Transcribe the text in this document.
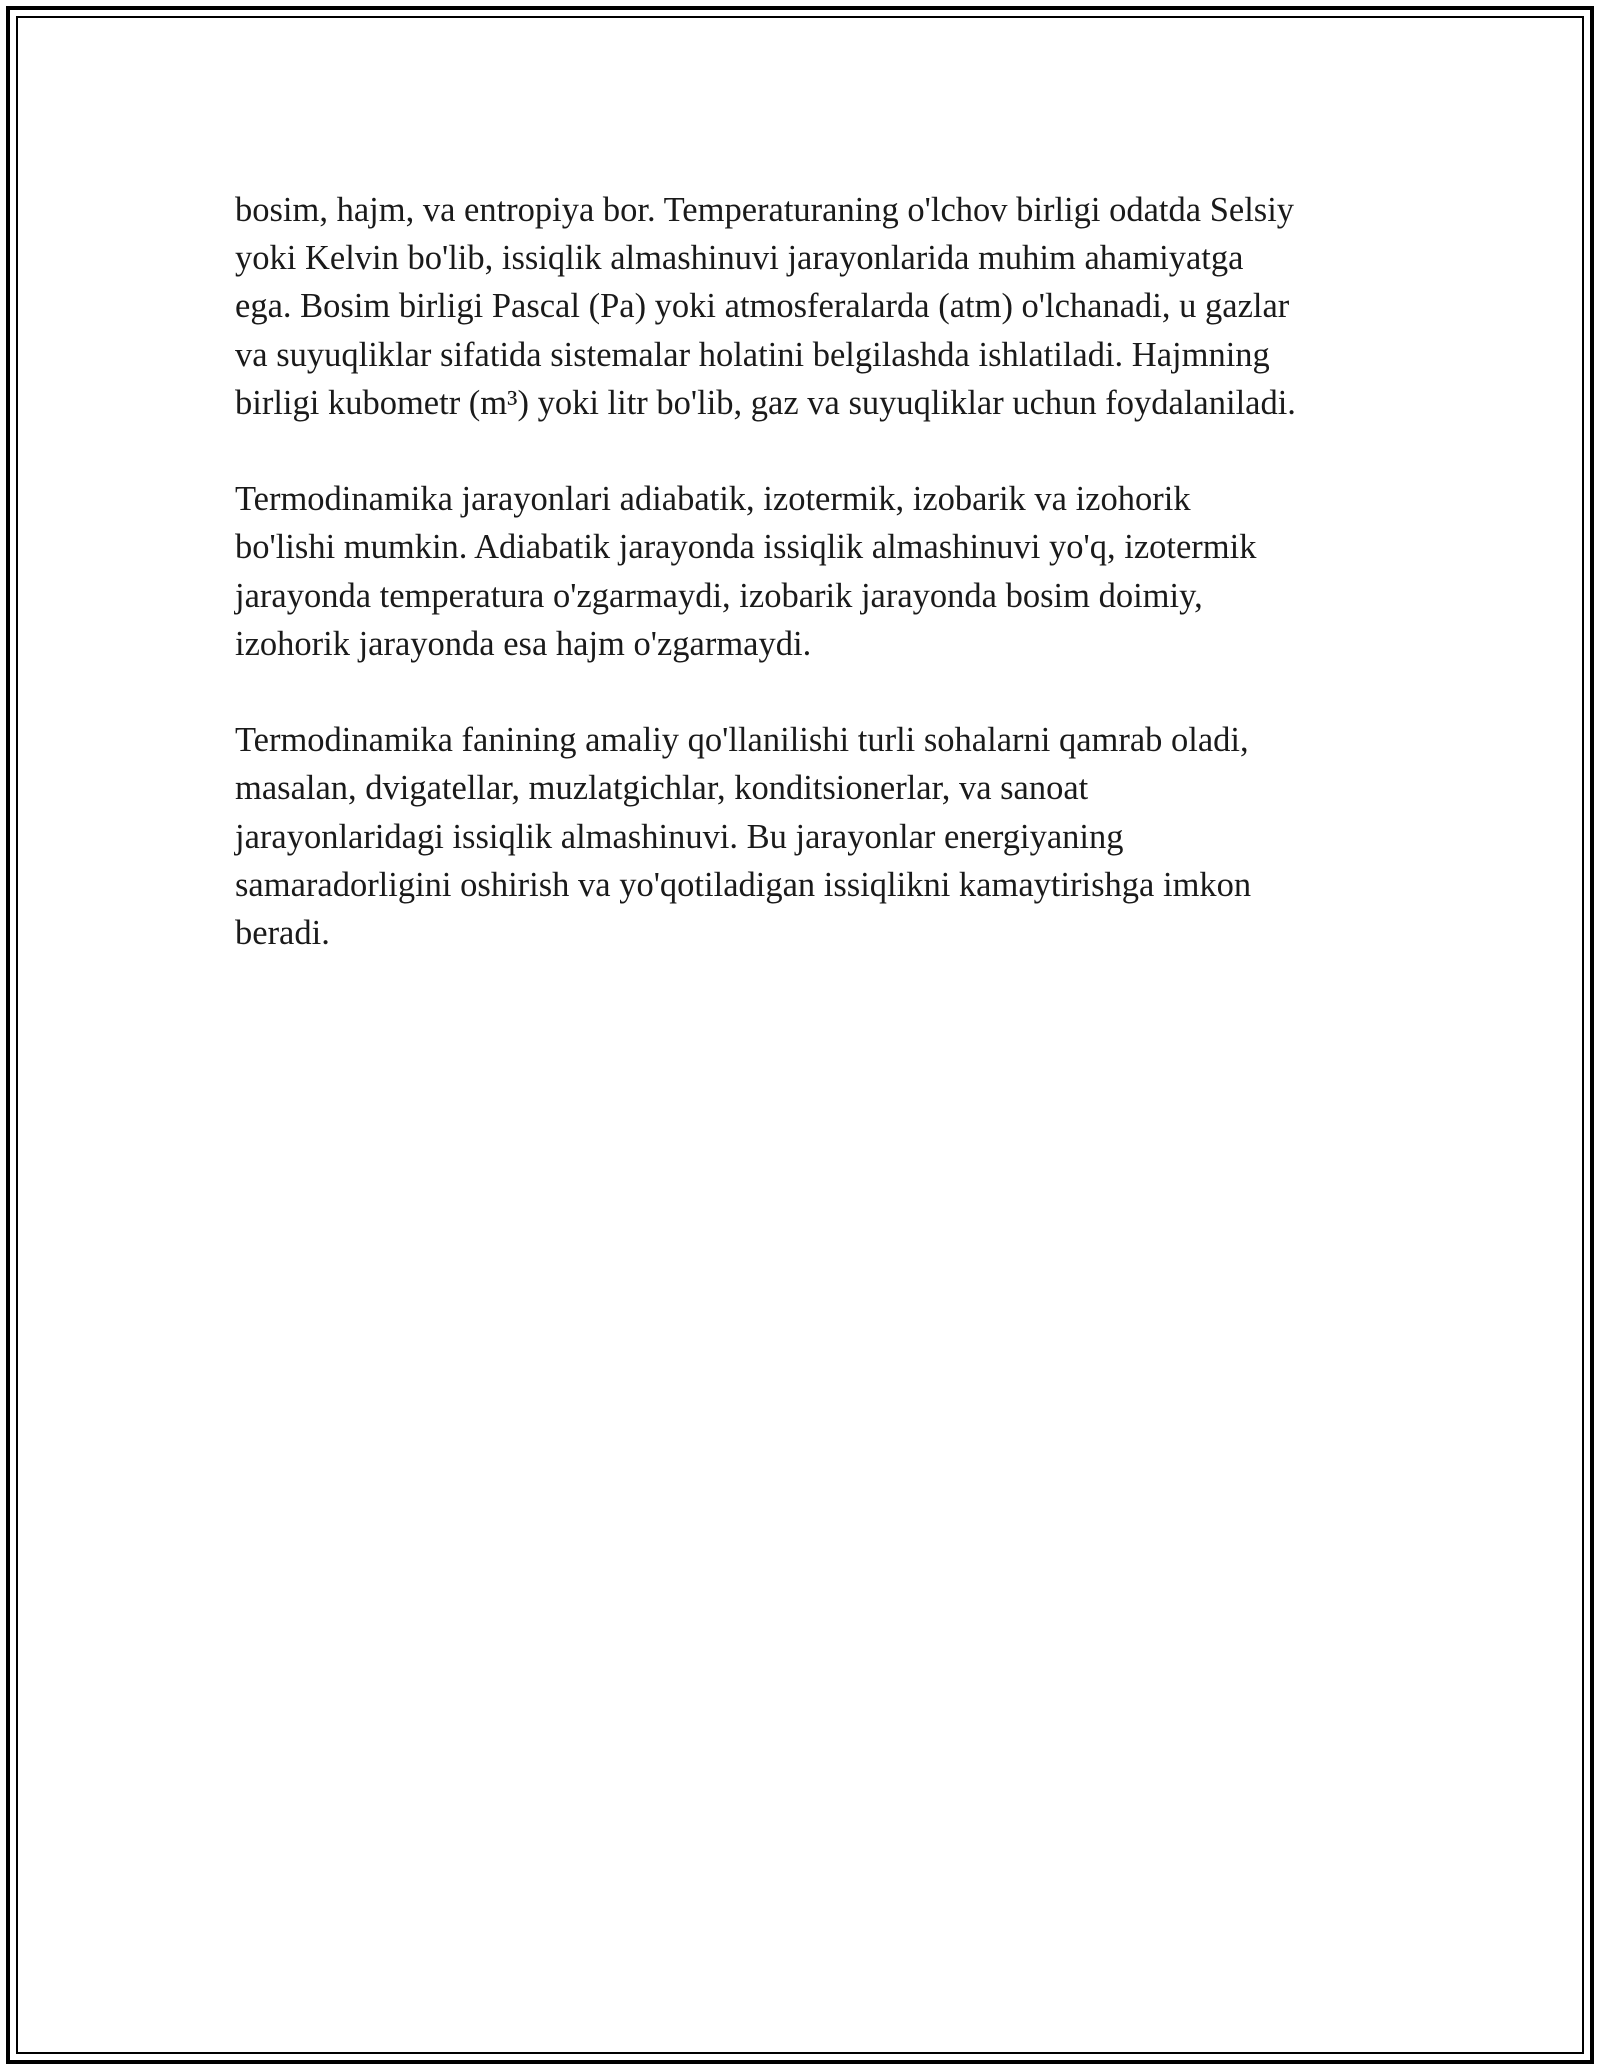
bosim, hajm, va entropiya bor. Temperaturaning o'lchov birligi odatda Selsiy
yoki Kelvin bo'lib, issiqlik almashinuvi jarayonlarida muhim ahamiyatga
ega. Bosim birligi Pascal (Pa) yoki atmosferalarda (atm) o'lchanadi, u gazlar
va suyuqliklar sifatida sistemalar holatini belgilashda ishlatiladi. Hajmning
birligi kubometr (m³) yoki litr bo'lib, gaz va suyuqliklar uchun foydalaniladi.

Termodinamika jarayonlari adiabatik, izotermik, izobarik va izohorik
bo'lishi mumkin. Adiabatik jarayonda issiqlik almashinuvi yo'q, izotermik
jarayonda temperatura o'zgarmaydi, izobarik jarayonda bosim doimiy,
izohorik jarayonda esa hajm o'zgarmaydi.

Termodinamika fanining amaliy qo'llanilishi turli sohalarni qamrab oladi,
masalan, dvigatellar, muzlatgichlar, konditsionerlar, va sanoat
jarayonlaridagi issiqlik almashinuvi. Bu jarayonlar energiyaning
samaradorligini oshirish va yo'qotiladigan issiqlikni kamaytirishga imkon
beradi.
